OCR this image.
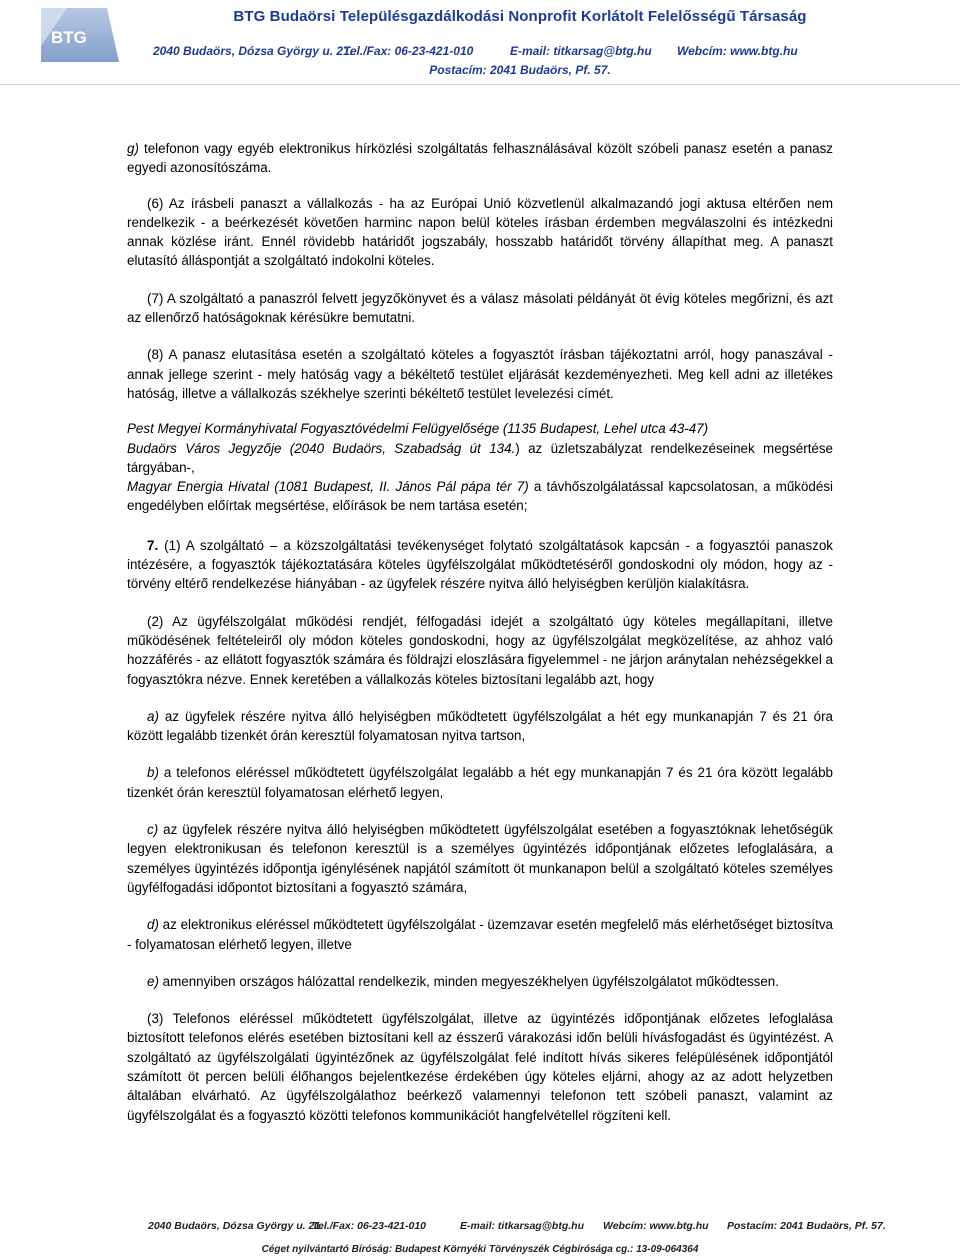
BTG
BTG Budaörsi Településgazdálkodási Nonprofit Korlátolt Felelősségű Társaság
2040 Budaörs, Dózsa György u. 21.
Tel./Fax: 06-23-421-010	E-mail: titkarsag@btg.hu Webcím: www.btg.hu
Postacím: 2041 Budaörs, Pf. 57.

g) telefonon vagy egyéb elektronikus hírközlési szolgáltatás felhasználásával közölt szóbeli panasz esetén a panasz egyedi azonosítószáma.

(6) Az írásbeli panaszt a vállalkozás - ha az Európai Unió közvetlenül alkalmazandó jogi aktusa eltérően nem rendelkezik - a beérkezését követően harminc napon belül köteles írásban érdemben megválaszolni és intézkedni annak közlése iránt. Ennél rövidebb határidőt jogszabály, hosszabb határidőt törvény állapíthat meg. A panaszt elutasító álláspontját a szolgáltató indokolni köteles.

(7) A szolgáltató a panaszról felvett jegyzőkönyvet és a válasz másolati példányát öt évig köteles megőrizni, és azt az ellenőrző hatóságoknak kérésükre bemutatni.

(8) A panasz elutasítása esetén a szolgáltató köteles a fogyasztót írásban tájékoztatni arról, hogy panaszával - annak jellege szerint - mely hatóság vagy a békéltető testület eljárását kezdeményezheti. Meg kell adni az illetékes hatóság, illetve a vállalkozás székhelye szerinti békéltető testület levelezési címét.

Pest Megyei Kormányhivatal Fogyasztóvédelmi Felügyelősége (1135 Budapest, Lehel utca 43-47)

Budaörs Város Jegyzője (2040 Budaörs, Szabadság út 134.) az üzletszabályzat rendelkezéseinek megsértése tárgyában-,

Magyar Energia Hivatal (1081 Budapest, II. János Pál pápa tér 7) a távhőszolgálatással kapcsolatosan, a működési engedélyben előírtak megsértése, előírások be nem tartása esetén;

7. (1) A szolgáltató – a közszolgáltatási tevékenységet folytató szolgáltatások kapcsán - a fogyasztói panaszok intézésére, a fogyasztók tájékoztatására köteles ügyfélszolgálat működtetéséről gondoskodni oly módon, hogy az - törvény eltérő rendelkezése hiányában - az ügyfelek részére nyitva álló helyiségben kerüljön kialakításra.

(2) Az ügyfélszolgálat működési rendjét, félfogadási idejét a szolgáltató úgy köteles megállapítani, illetve működésének feltételeiről oly módon köteles gondoskodni, hogy az ügyfélszolgálat megközelítése, az ahhoz való hozzáférés - az ellátott fogyasztók számára és földrajzi eloszlására figyelemmel - ne járjon aránytalan nehézségekkel a fogyasztókra nézve. Ennek keretében a vállalkozás köteles biztosítani legalább azt, hogy

a) az ügyfelek részére nyitva álló helyiségben működtetett ügyfélszolgálat a hét egy munkanapján 7 és 21 óra között legalább tizenkét órán keresztül folyamatosan nyitva tartson,

b) a telefonos eléréssel működtetett ügyfélszolgálat legalább a hét egy munkanapján 7 és 21 óra között legalább tizenkét órán keresztül folyamatosan elérhető legyen,

c) az ügyfelek részére nyitva álló helyiségben működtetett ügyfélszolgálat esetében a fogyasztóknak lehetőségük legyen elektronikusan és telefonon keresztül is a személyes ügyintézés időpontjának előzetes lefoglalására, a személyes ügyintézés időpontja igénylésének napjától számított öt munkanapon belül a szolgáltató köteles személyes ügyfélfogadási időpontot biztosítani a fogyasztó számára,

d) az elektronikus eléréssel működtetett ügyfélszolgálat - üzemzavar esetén megfelelő más elérhetőséget biztosítva - folyamatosan elérhető legyen, illetve

e) amennyiben országos hálózattal rendelkezik, minden megyeszékhelyen ügyfélszolgálatot működtessen.

(3) Telefonos eléréssel működtetett ügyfélszolgálat, illetve az ügyintézés időpontjának előzetes lefoglalása biztosított telefonos elérés esetében biztosítani kell az ésszerű várakozási időn belüli hívásfogadást és ügyintézést. A szolgáltató az ügyfélszolgálati ügyintézőnek az ügyfélszolgálat felé indított hívás sikeres felépülésének időpontjától számított öt percen belüli élőhangos bejelentkezése érdekében úgy köteles eljárni, ahogy az az adott helyzetben általában elvárható. Az ügyfélszolgálathoz beérkező valamennyi telefonon tett szóbeli panaszt, valamint az ügyfélszolgálat és a fogyasztó közötti telefonos kommunikációt hangfelvétellel rögzíteni kell.

2040 Budaörs, Dózsa György u. 21.
Tel./Fax: 06-23-421-010	E-mail: titkarsag@btg.hu Webcím: www.btg.hu Postacím: 2041 Budaörs, Pf. 57.
Céget nyilvántartó Bíróság: Budapest Környéki Törvényszék Cégbírósága cg.: 13-09-064364
